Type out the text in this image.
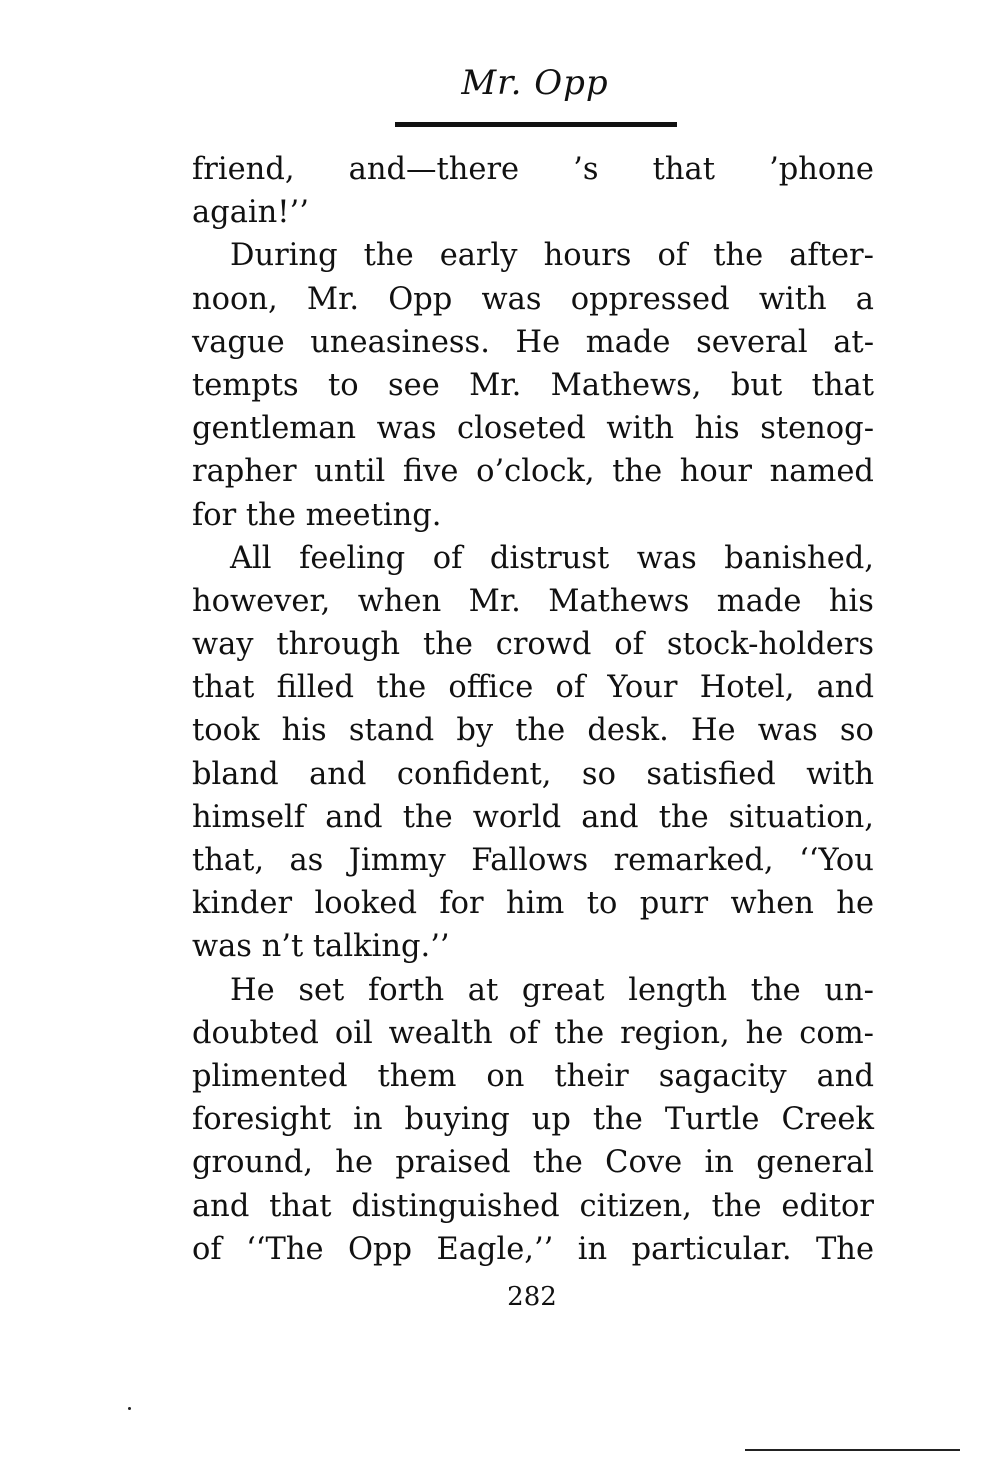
Mr. Opp
friend, and—there ’s that ’phone
again!’’
During the early hours of the after-
noon, Mr. Opp was oppressed with a
vague uneasiness. He made several at-
tempts to see Mr. Mathews, but that
gentleman was closeted with his stenog-
rapher until five o’clock, the hour named
for the meeting.
All feeling of distrust was banished,
however, when Mr. Mathews made his
way through the crowd of stock-holders
that filled the office of Your Hotel, and
took his stand by the desk. He was so
bland and confident, so satisfied with
himself and the world and the situation,
that, as Jimmy Fallows remarked, ‘‘You
kinder looked for him to purr when he
was n’t talking.’’
He set forth at great length the un-
doubted oil wealth of the region, he com-
plimented them on their sagacity and
foresight in buying up the Turtle Creek
ground, he praised the Cove in general
and that distinguished citizen, the editor
of ‘‘The Opp Eagle,’’ in particular. The
282
